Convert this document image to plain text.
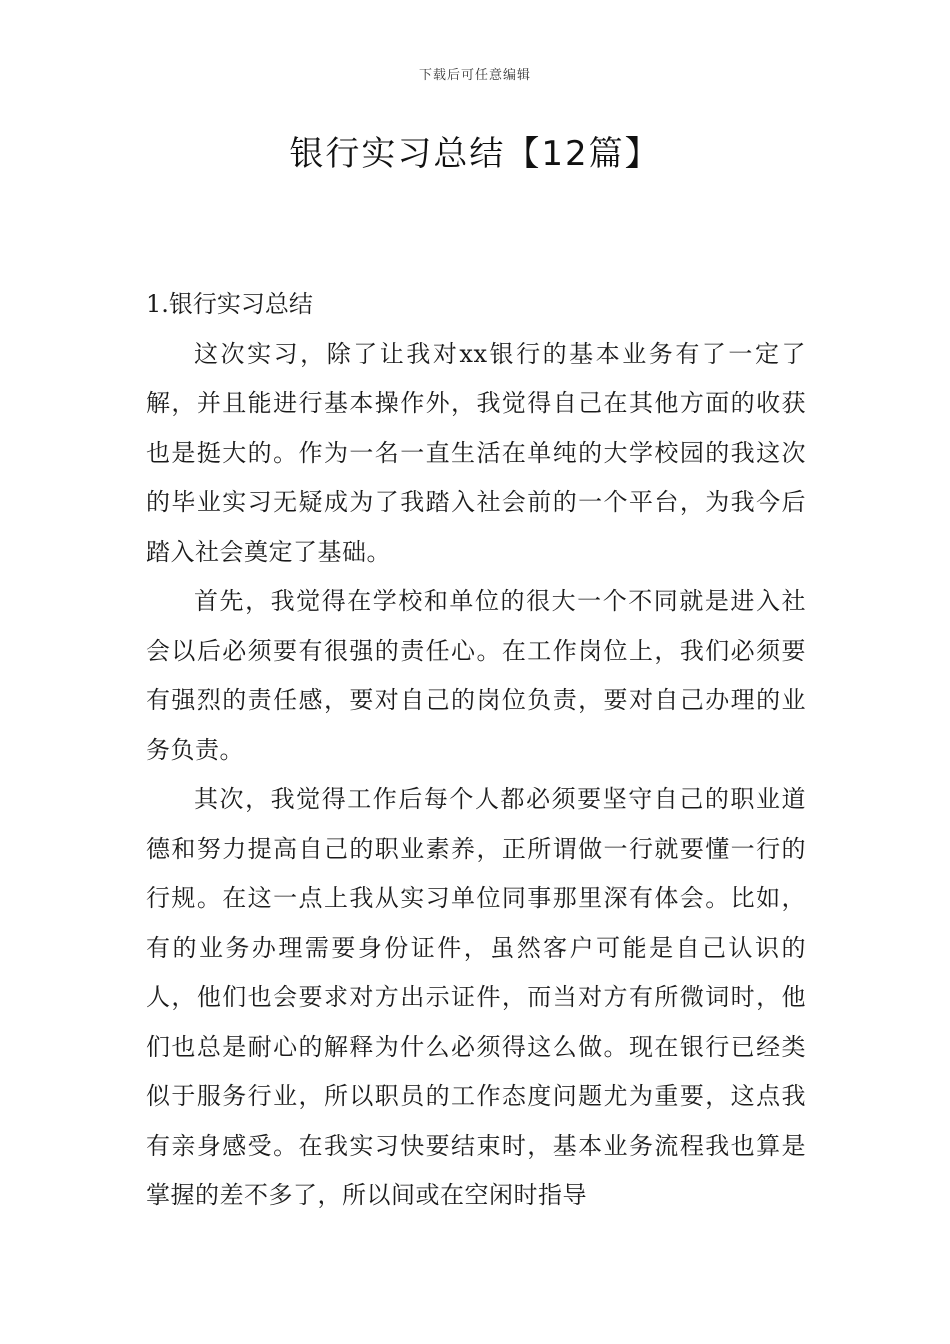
下载后可任意编辑
银行实习总结【12篇】
1.银行实习总结

这次实习，除了让我对xx银行的基本业务有了一定了解，并且能进行基本操作外，我觉得自己在其他方面的收获也是挺大的。作为一名一直生活在单纯的大学校园的我这次的毕业实习无疑成为了我踏入社会前的一个平台，为我今后踏入社会奠定了基础。

首先，我觉得在学校和单位的很大一个不同就是进入社会以后必须要有很强的责任心。在工作岗位上，我们必须要有强烈的责任感，要对自己的岗位负责，要对自己办理的业务负责。

其次，我觉得工作后每个人都必须要坚守自己的职业道德和努力提高自己的职业素养，正所谓做一行就要懂一行的行规。在这一点上我从实习单位同事那里深有体会。比如，有的业务办理需要身份证件，虽然客户可能是自己认识的人，他们也会要求对方出示证件，而当对方有所微词时，他们也总是耐心的解释为什么必须得这么做。现在银行已经类似于服务行业，所以职员的工作态度问题尤为重要，这点我有亲身感受。在我实习快要结束时，基本业务流程我也算是掌握的差不多了，所以间或在空闲时指导
